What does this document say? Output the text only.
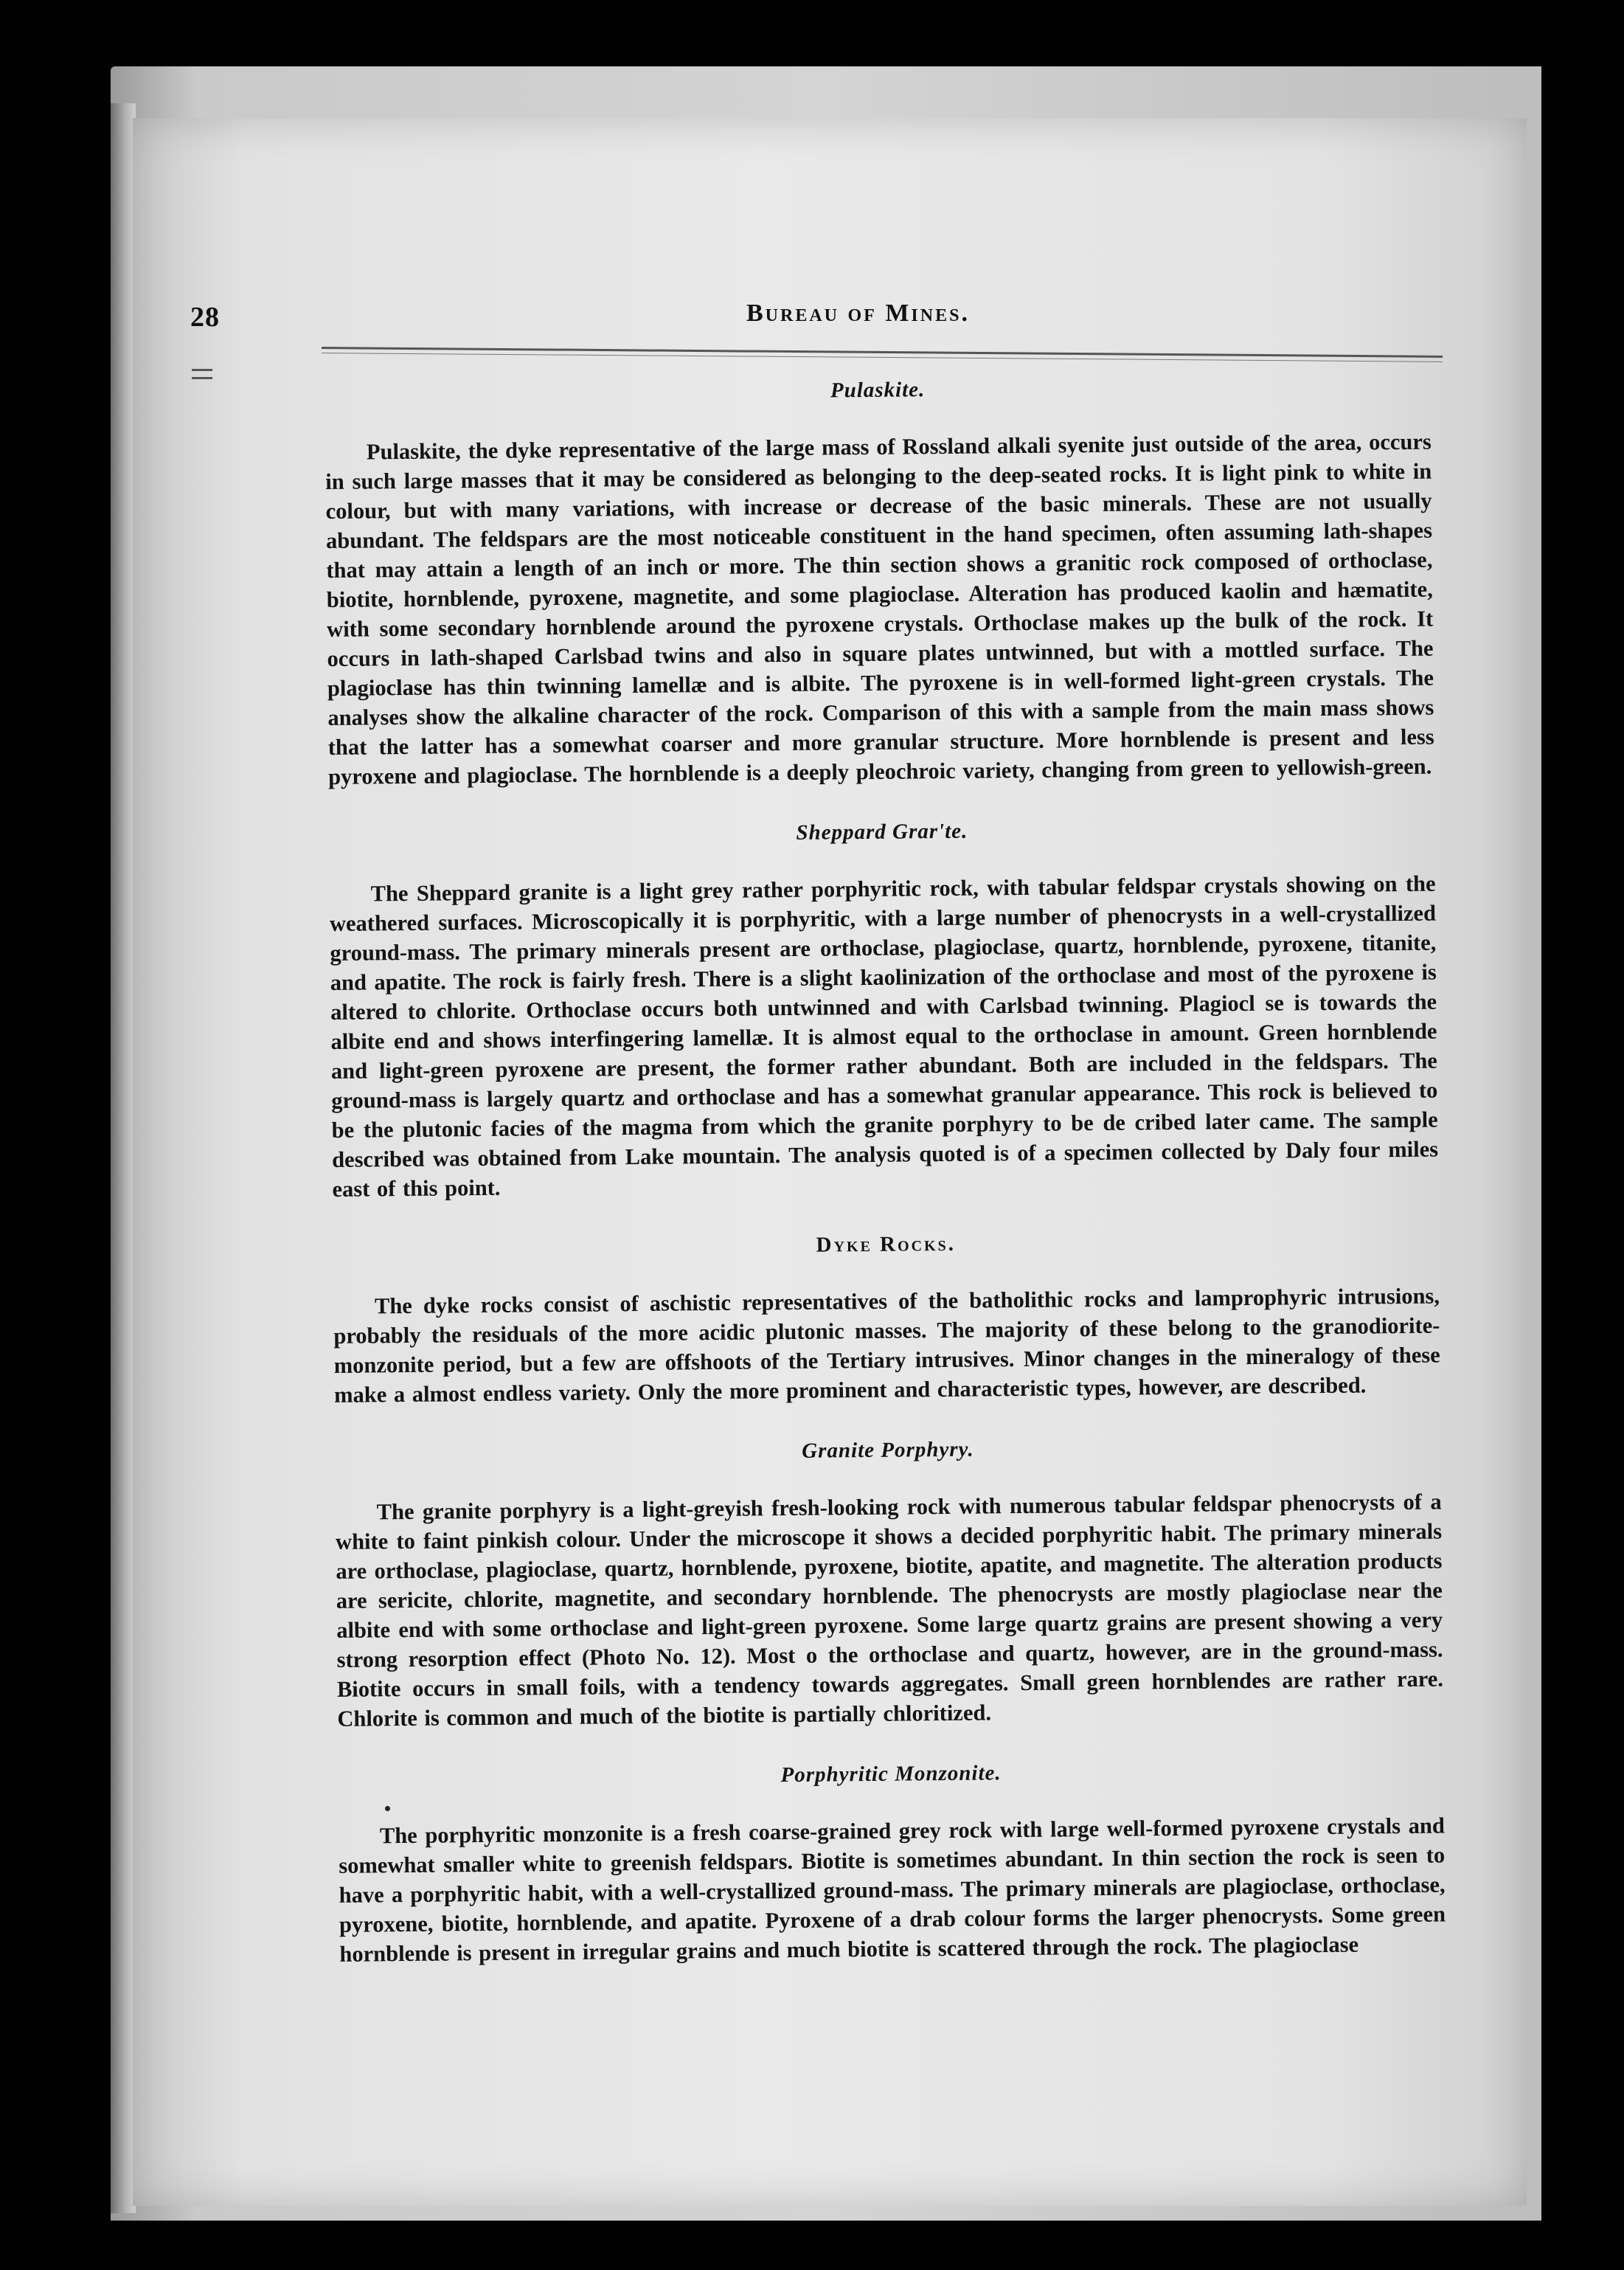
28	Bureau of Mines.
Pulaskite.

Pulaskite, the dyke representative of the large mass of Rossland alkali syenite just outside of the area, occurs in such large masses that it may be considered as belonging to the deep-seated rocks. It is light pink to white in colour, but with many variations, with increase or decrease of the basic minerals. These are not usually abundant. The feldspars are the most noticeable constituent in the hand specimen, often assuming lath-shapes that may attain a length of an inch or more. The thin section shows a granitic rock composed of orthoclase, biotite, hornblende, pyroxene, magnetite, and some plagioclase. Alteration has produced kaolin and hæmatite, with some secondary hornblende around the pyroxene crystals. Orthoclase makes up the bulk of the rock. It occurs in lath-shaped Carlsbad twins and also in square plates untwinned, but with a mottled surface. The plagioclase has thin twinning lamellæ and is albite. The pyroxene is in well-formed light-green crystals. The analyses show the alkaline character of the rock. Comparison of this with a sample from the main mass shows that the latter has a somewhat coarser and more granular structure. More hornblende is present and less pyroxene and plagioclase. The hornblende is a deeply pleochroic variety, changing from green to yellowish-green.

Sheppard Grar'te.

The Sheppard granite is a light grey rather porphyritic rock, with tabular feldspar crystals showing on the weathered surfaces. Microscopically it is porphyritic, with a large number of phenocrysts in a well-crystallized ground-mass. The primary minerals present are orthoclase, plagioclase, quartz, hornblende, pyroxene, titanite, and apatite. The rock is fairly fresh. There is a slight kaolinization of the orthoclase and most of the pyroxene is altered to chlorite. Orthoclase occurs both untwinned and with Carlsbad twinning. Plagiocl se is towards the albite end and shows interfingering lamellæ. It is almost equal to the orthoclase in amount. Green hornblende and light-green pyroxene are present, the former rather abundant. Both are included in the feldspars. The ground-mass is largely quartz and orthoclase and has a somewhat granular appearance. This rock is believed to be the plutonic facies of the magma from which the granite porphyry to be de cribed later came. The sample described was obtained from Lake mountain. The analysis quoted is of a specimen collected by Daly four miles east of this point.

Dyke Rocks.

The dyke rocks consist of aschistic representatives of the batholithic rocks and lamprophyric intrusions, probably the residuals of the more acidic plutonic masses. The majority of these belong to the granodiorite-monzonite period, but a few are offshoots of the Tertiary intrusives. Minor changes in the mineralogy of these make a almost endless variety. Only the more prominent and characteristic types, however, are described.

Granite Porphyry.

The granite porphyry is a light-greyish fresh-looking rock with numerous tabular feldspar phenocrysts of a white to faint pinkish colour. Under the microscope it shows a decided porphyritic habit. The primary minerals are orthoclase, plagioclase, quartz, hornblende, pyroxene, biotite, apatite, and magnetite. The alteration products are sericite, chlorite, magnetite, and secondary hornblende. The phenocrysts are mostly plagioclase near the albite end with some orthoclase and light-green pyroxene. Some large quartz grains are present showing a very strong resorption effect (Photo No. 12). Most o the orthoclase and quartz, however, are in the ground-mass. Biotite occurs in small foils, with a tendency towards aggregates. Small green hornblendes are rather rare. Chlorite is common and much of the biotite is partially chloritized.

Porphyritic Monzonite.

The porphyritic monzonite is a fresh coarse-grained grey rock with large well-formed pyroxene crystals and somewhat smaller white to greenish feldspars. Biotite is sometimes abundant. In thin section the rock is seen to have a porphyritic habit, with a well-crystallized ground-mass. The primary minerals are plagioclase, orthoclase, pyroxene, biotite, hornblende, and apatite. Pyroxene of a drab colour forms the larger phenocrysts. Some green hornblende is present in irregular grains and much biotite is scattered through the rock. The plagioclase
